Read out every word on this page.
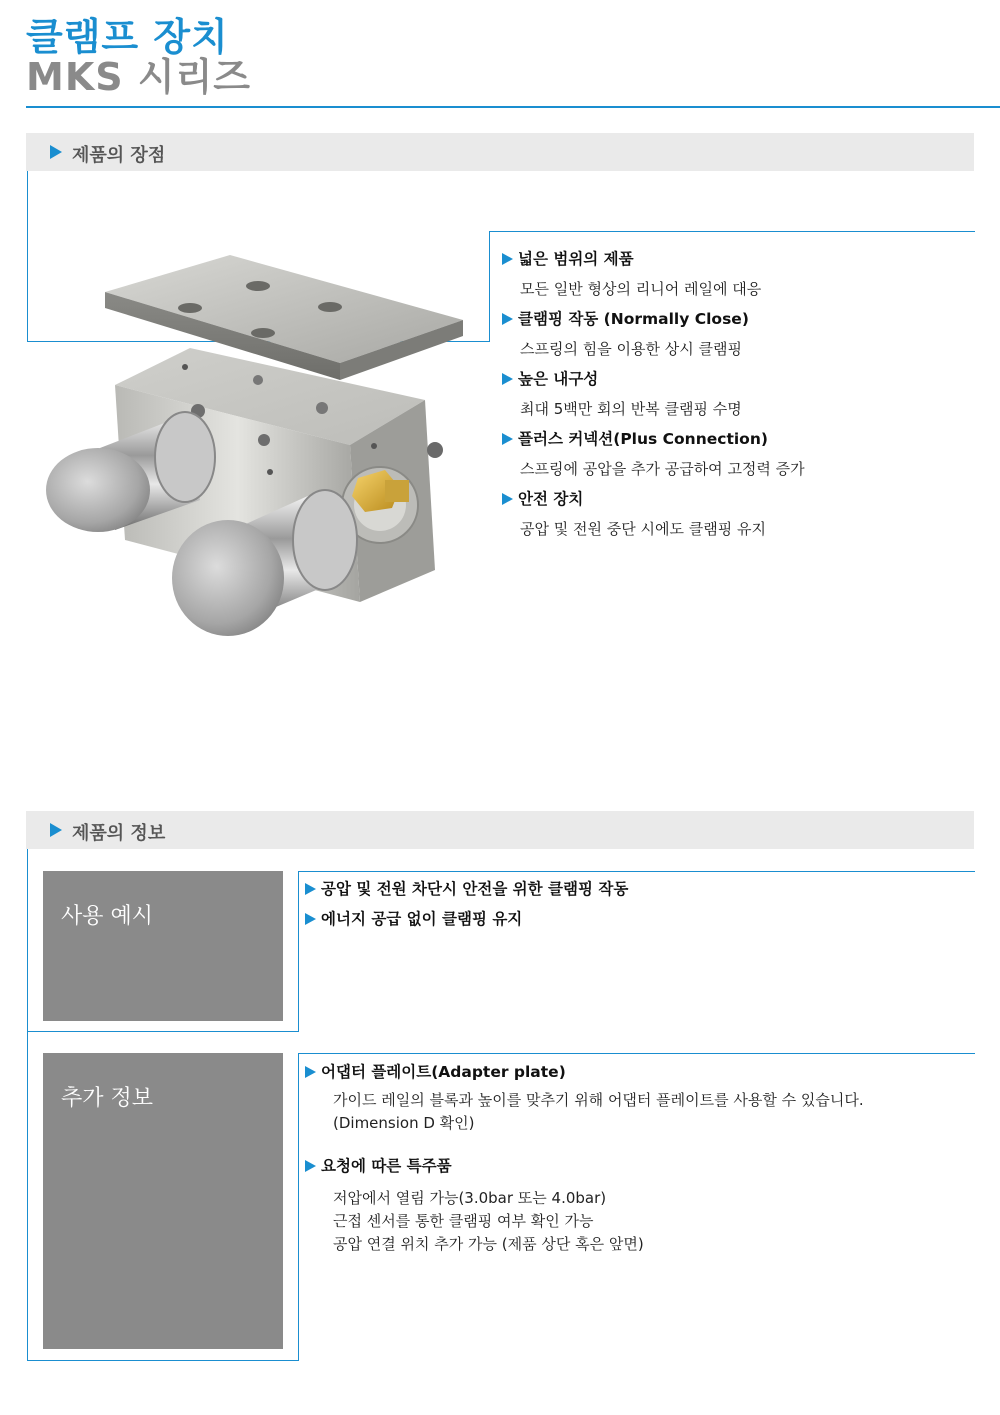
클램프 장치
MKS 시리즈
제품의 장점
넓은 범위의 제품
모든 일반 형상의 리니어 레일에 대응
클램핑 작동 (Normally Close)
스프링의 힘을 이용한 상시 클램핑
높은 내구성
최대 5백만 회의 반복 클램핑 수명
플러스 커넥션(Plus Connection)
스프링에 공압을 추가 공급하여 고정력 증가
안전 장치
공압 및 전원 중단 시에도 클램핑 유지
제품의 정보
사용 예시
공압 및 전원 차단시 안전을 위한 클램핑 작동
에너지 공급 없이 클램핑 유지
추가 정보
어댑터 플레이트(Adapter plate)
가이드 레일의 블록과 높이를 맞추기 위해 어댑터 플레이트를 사용할 수 있습니다.
(Dimension D 확인)
요청에 따른 특주품
저압에서 열림 가능(3.0bar 또는 4.0bar)
근접 센서를 통한 클램핑 여부 확인 가능
공압 연결 위치 추가 가능 (제품 상단 혹은 앞면)
